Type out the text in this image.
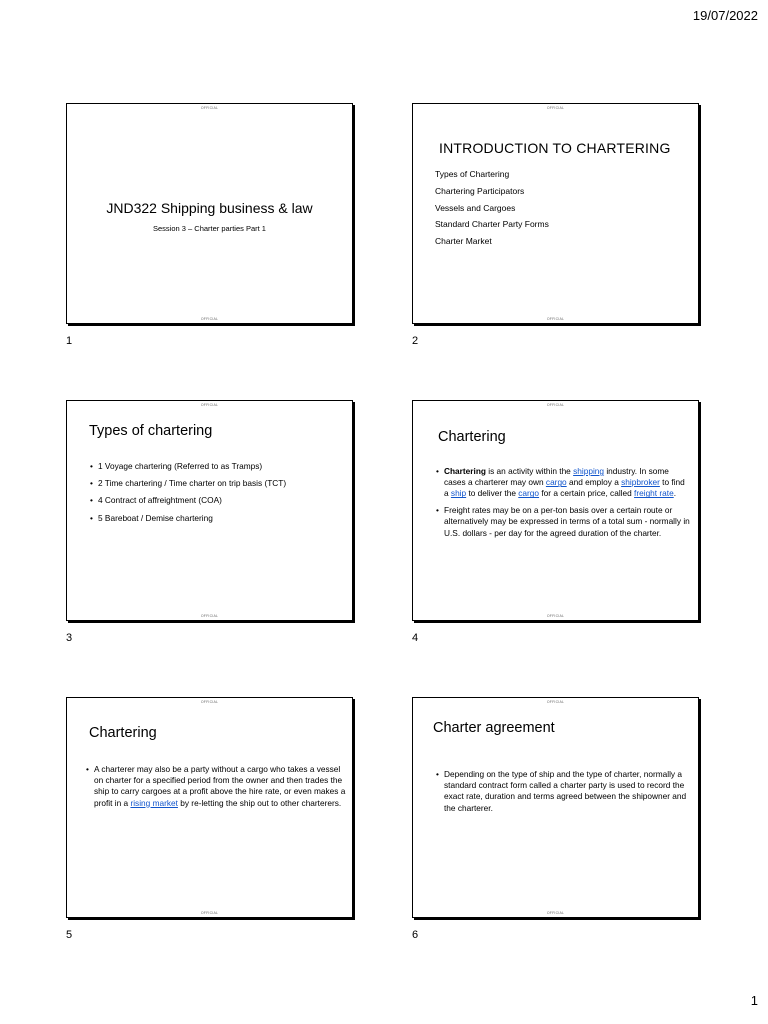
19/07/2022
OFFICIAL
JND322 Shipping business & law
Session 3 – Charter parties Part 1
OFFICIAL
1
OFFICIAL
INTRODUCTION TO CHARTERING
Types of Chartering
Chartering Participators
Vessels and Cargoes
Standard Charter Party Forms
Charter Market
OFFICIAL
2
OFFICIAL
Types of chartering
• 1 Voyage chartering (Referred to as Tramps)
• 2 Time chartering / Time charter on trip basis (TCT)
• 4 Contract of affreightment (COA)
• 5 Bareboat / Demise chartering
OFFICIAL
3
OFFICIAL
Chartering
• Chartering is an activity within the shipping industry. In some cases a charterer may own cargo and employ a shipbroker to find a ship to deliver the cargo for a certain price, called freight rate.
• Freight rates may be on a per-ton basis over a certain route or alternatively may be expressed in terms of a total sum - normally in U.S. dollars - per day for the agreed duration of the charter.
OFFICIAL
4
OFFICIAL
Chartering
• A charterer may also be a party without a cargo who takes a vessel on charter for a specified period from the owner and then trades the ship to carry cargoes at a profit above the hire rate, or even makes a profit in a rising market by re-letting the ship out to other charterers.
OFFICIAL
5
OFFICIAL
Charter agreement
• Depending on the type of ship and the type of charter, normally a standard contract form called a charter party is used to record the exact rate, duration and terms agreed between the shipowner and the charterer.
OFFICIAL
6
1
